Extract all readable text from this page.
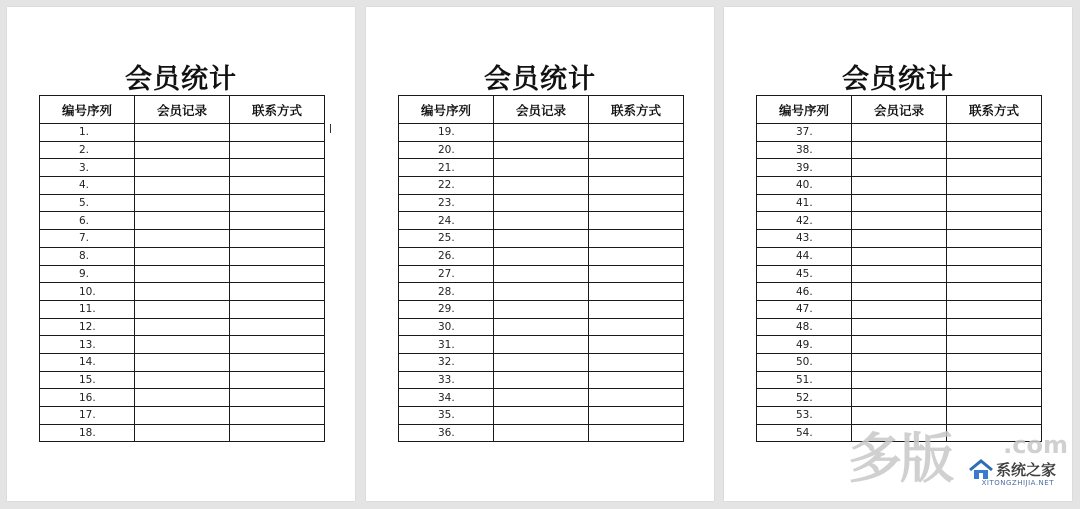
会员统计
编号序列	会员记录	联系方式
1.		
2.		
3.		
4.		
5.		
6.		
7.		
8.		
9.		
10.		
11.		
12.		
13.		
14.		
15.		
16.		
17.		
18.		
会员统计
编号序列	会员记录	联系方式
19.		
20.		
21.		
22.		
23.		
24.		
25.		
26.		
27.		
28.		
29.		
30.		
31.		
32.		
33.		
34.		
35.		
36.		
会员统计
编号序列	会员记录	联系方式
37.		
38.		
39.		
40.		
41.		
42.		
43.		
44.		
45.		
46.		
47.		
48.		
49.		
50.		
51.		
52.		
53.		
54.		多版 .com
系统之家
XITONGZHIJIA.NET
